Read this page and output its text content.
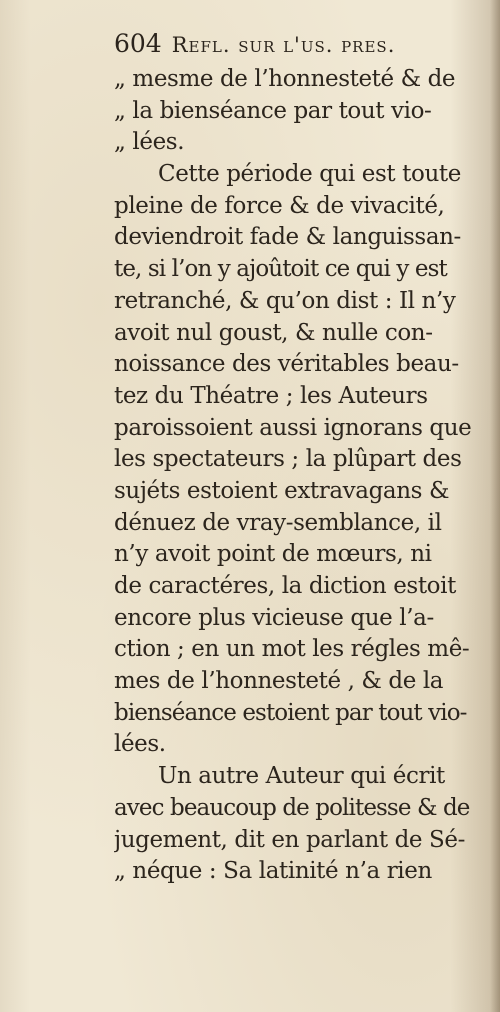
604 Refl. sur l'us. pres.
„ mesme de l’honnesteté & de
„ la bienséance par tout vio-
„ lées.
Cette période qui est toute
pleine de force & de vivacité,
deviendroit fade & languissan-
te, si l’on y ajoûtoit ce qui y est
retranché, & qu’on dist : Il n’y
avoit nul goust, & nulle con-
noissance des véritables beau-
tez du Théatre ; les Auteurs
paroissoient aussi ignorans que
les spectateurs ; la plûpart des
sujéts estoient extravagans &
dénuez de vray-semblance, il
n’y avoit point de mœurs, ni
de caractéres, la diction estoit
encore plus vicieuse que l’a-
ction ; en un mot les régles mê-
mes de l’honnesteté , & de la
bienséance estoient par tout vio-
lées.
Un autre Auteur qui écrit
avec beaucoup de politesse & de
jugement, dit en parlant de Sé-
„ néque : Sa latinité n’a rien
